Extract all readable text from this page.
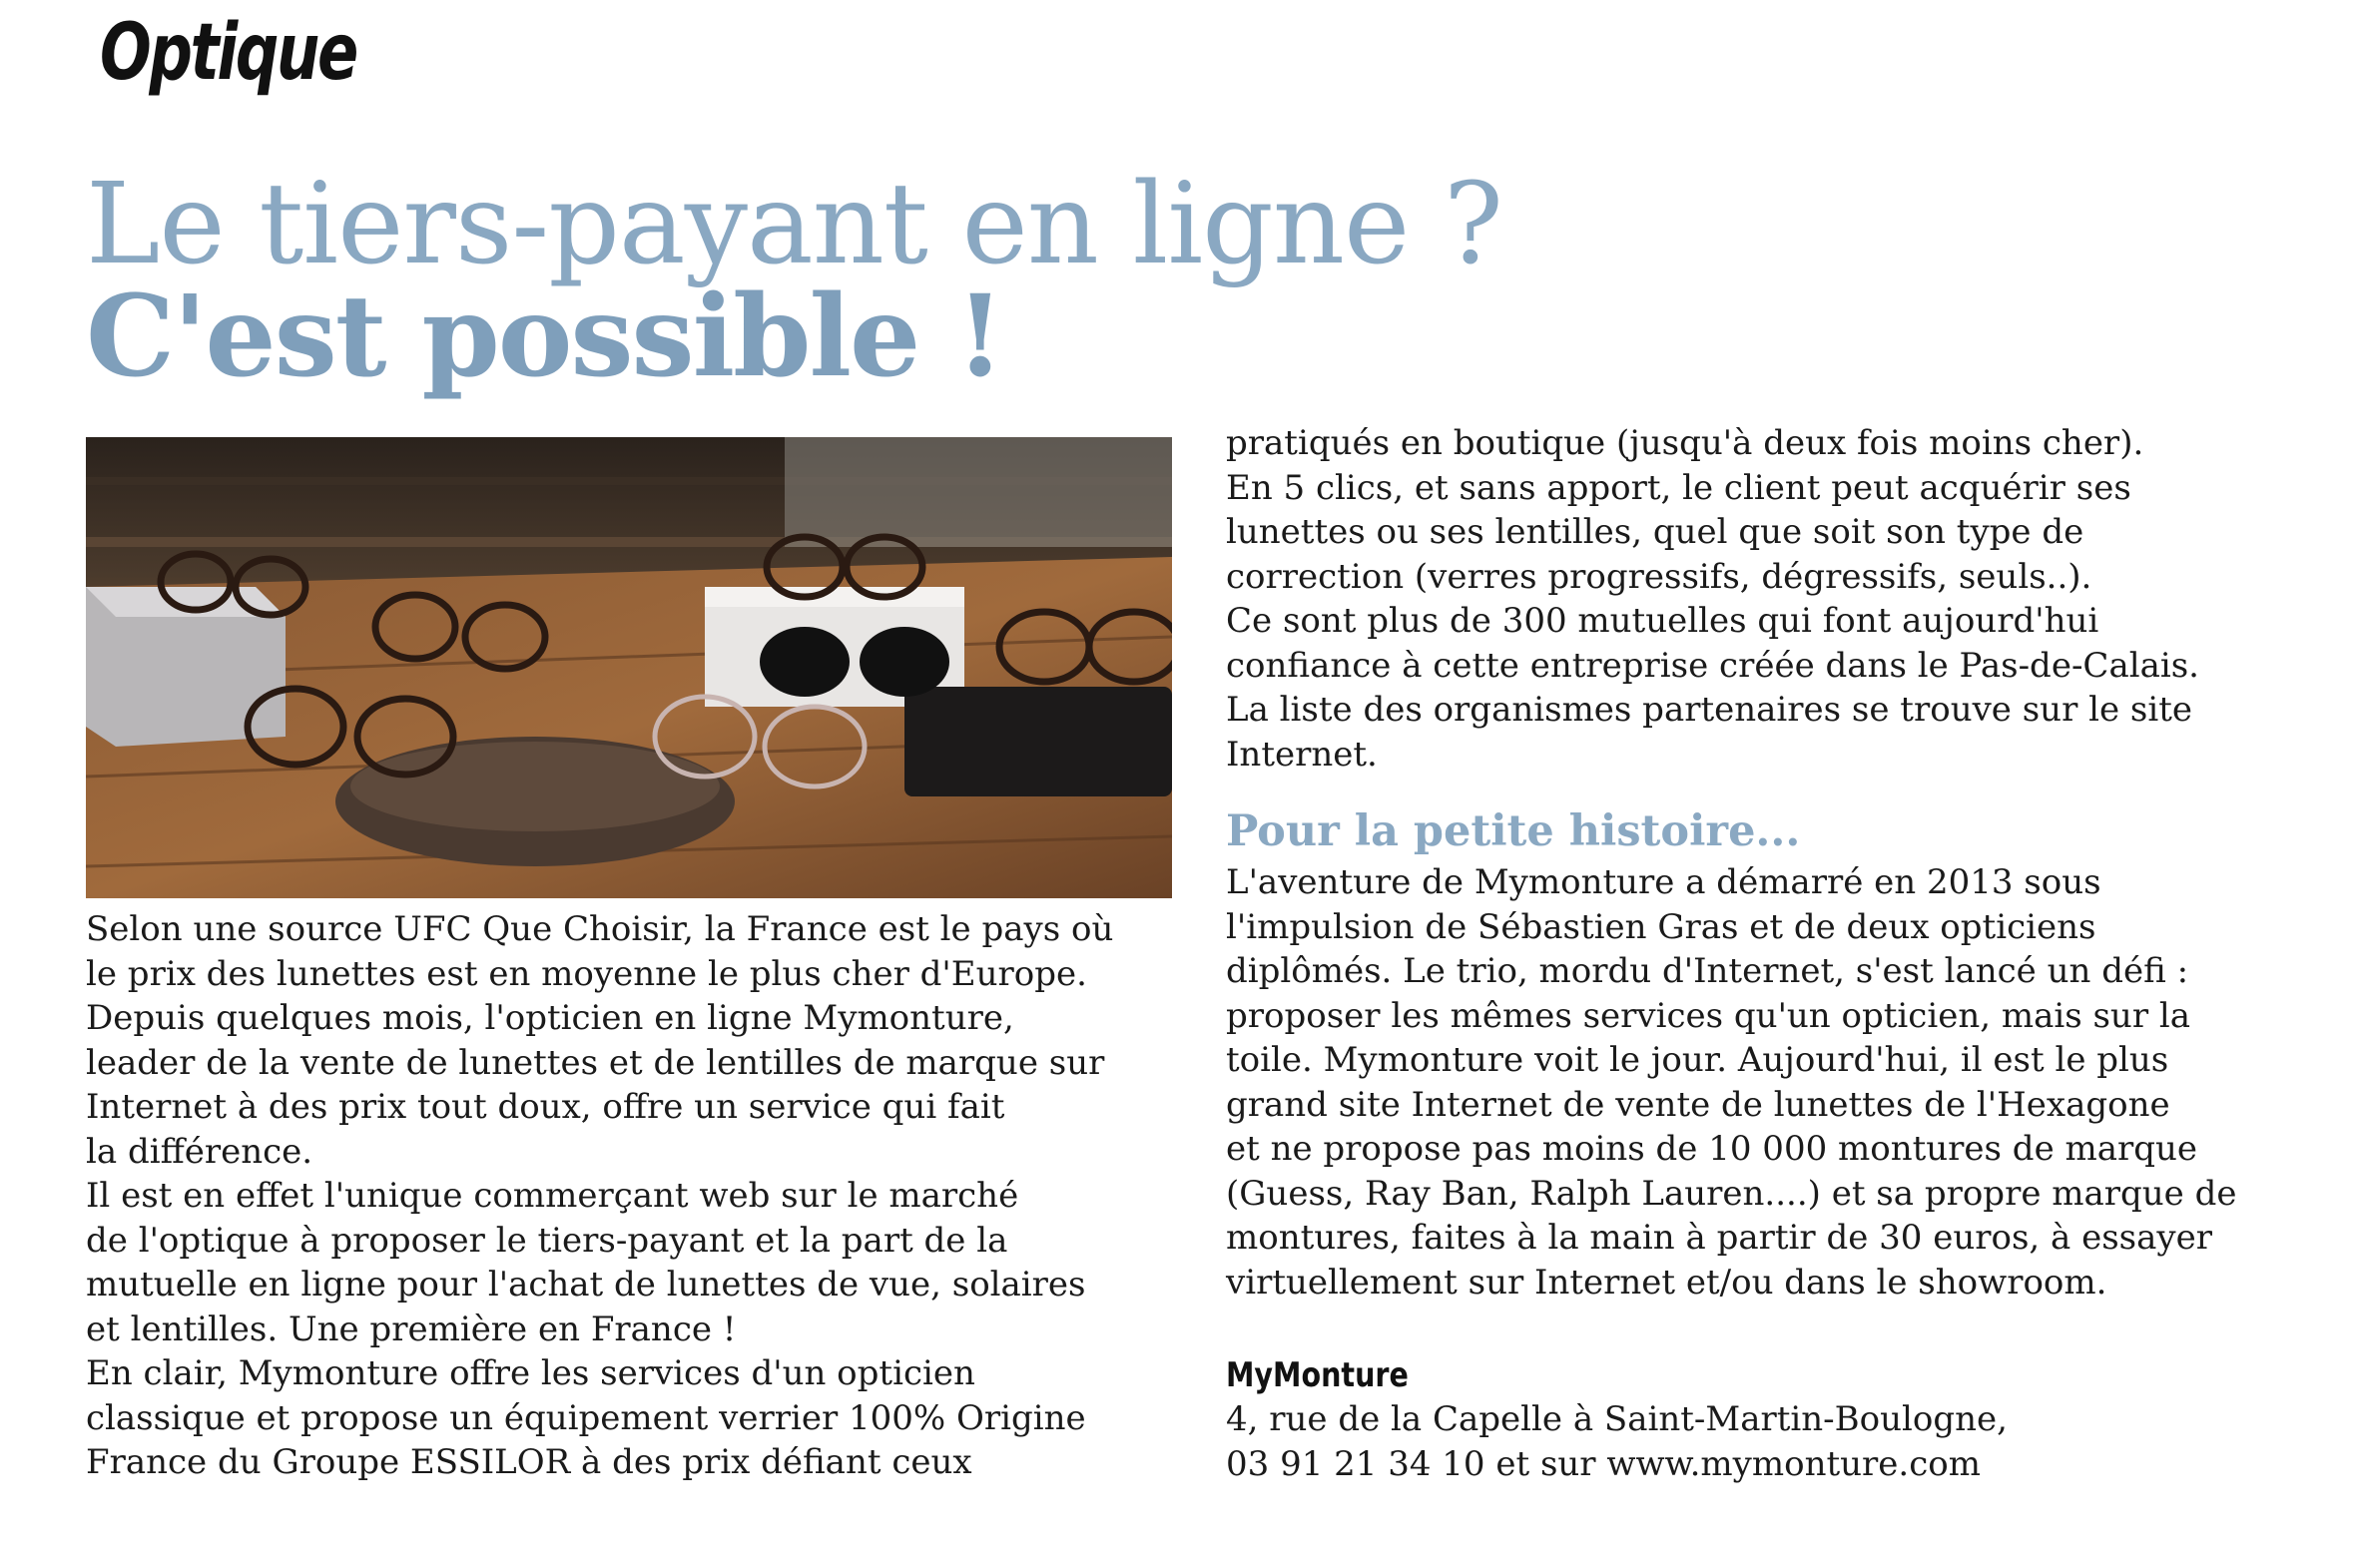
Optique
Le tiers-payant en ligne ?
C'est possible !

Selon une source UFC Que Choisir, la France est le pays où

le prix des lunettes est en moyenne le plus cher d'Europe.

Depuis quelques mois, l'opticien en ligne Mymonture,

leader de la vente de lunettes et de lentilles de marque sur

Internet à des prix tout doux, offre un service qui fait

la différence.

Il est en effet l'unique commerçant web sur le marché

de l'optique à proposer le tiers-payant et la part de la

mutuelle en ligne pour l'achat de lunettes de vue, solaires

et lentilles. Une première en France !

En clair, Mymonture offre les services d'un opticien

classique et propose un équipement verrier 100% Origine

France du Groupe ESSILOR à des prix défiant ceux

pratiqués en boutique (jusqu'à deux fois moins cher).

En 5 clics, et sans apport, le client peut acquérir ses

lunettes ou ses lentilles, quel que soit son type de

correction (verres progressifs, dégressifs, seuls..).

Ce sont plus de 300 mutuelles qui font aujourd'hui

confiance à cette entreprise créée dans le Pas-de-Calais.

La liste des organismes partenaires se trouve sur le site

Internet.

Pour la petite histoire...

L'aventure de Mymonture a démarré en 2013 sous

l'impulsion de Sébastien Gras et de deux opticiens

diplômés. Le trio, mordu d'Internet, s'est lancé un défi :

proposer les mêmes services qu'un opticien, mais sur la

toile. Mymonture voit le jour. Aujourd'hui, il est le plus

grand site Internet de vente de lunettes de l'Hexagone

et ne propose pas moins de 10 000 montures de marque

(Guess, Ray Ban, Ralph Lauren....) et sa propre marque de

montures, faites à la main à partir de 30 euros, à essayer

virtuellement sur Internet et/ou dans le showroom.

MyMonture

4, rue de la Capelle à Saint-Martin-Boulogne,

03 91 21 34 10 et sur www.mymonture.com
